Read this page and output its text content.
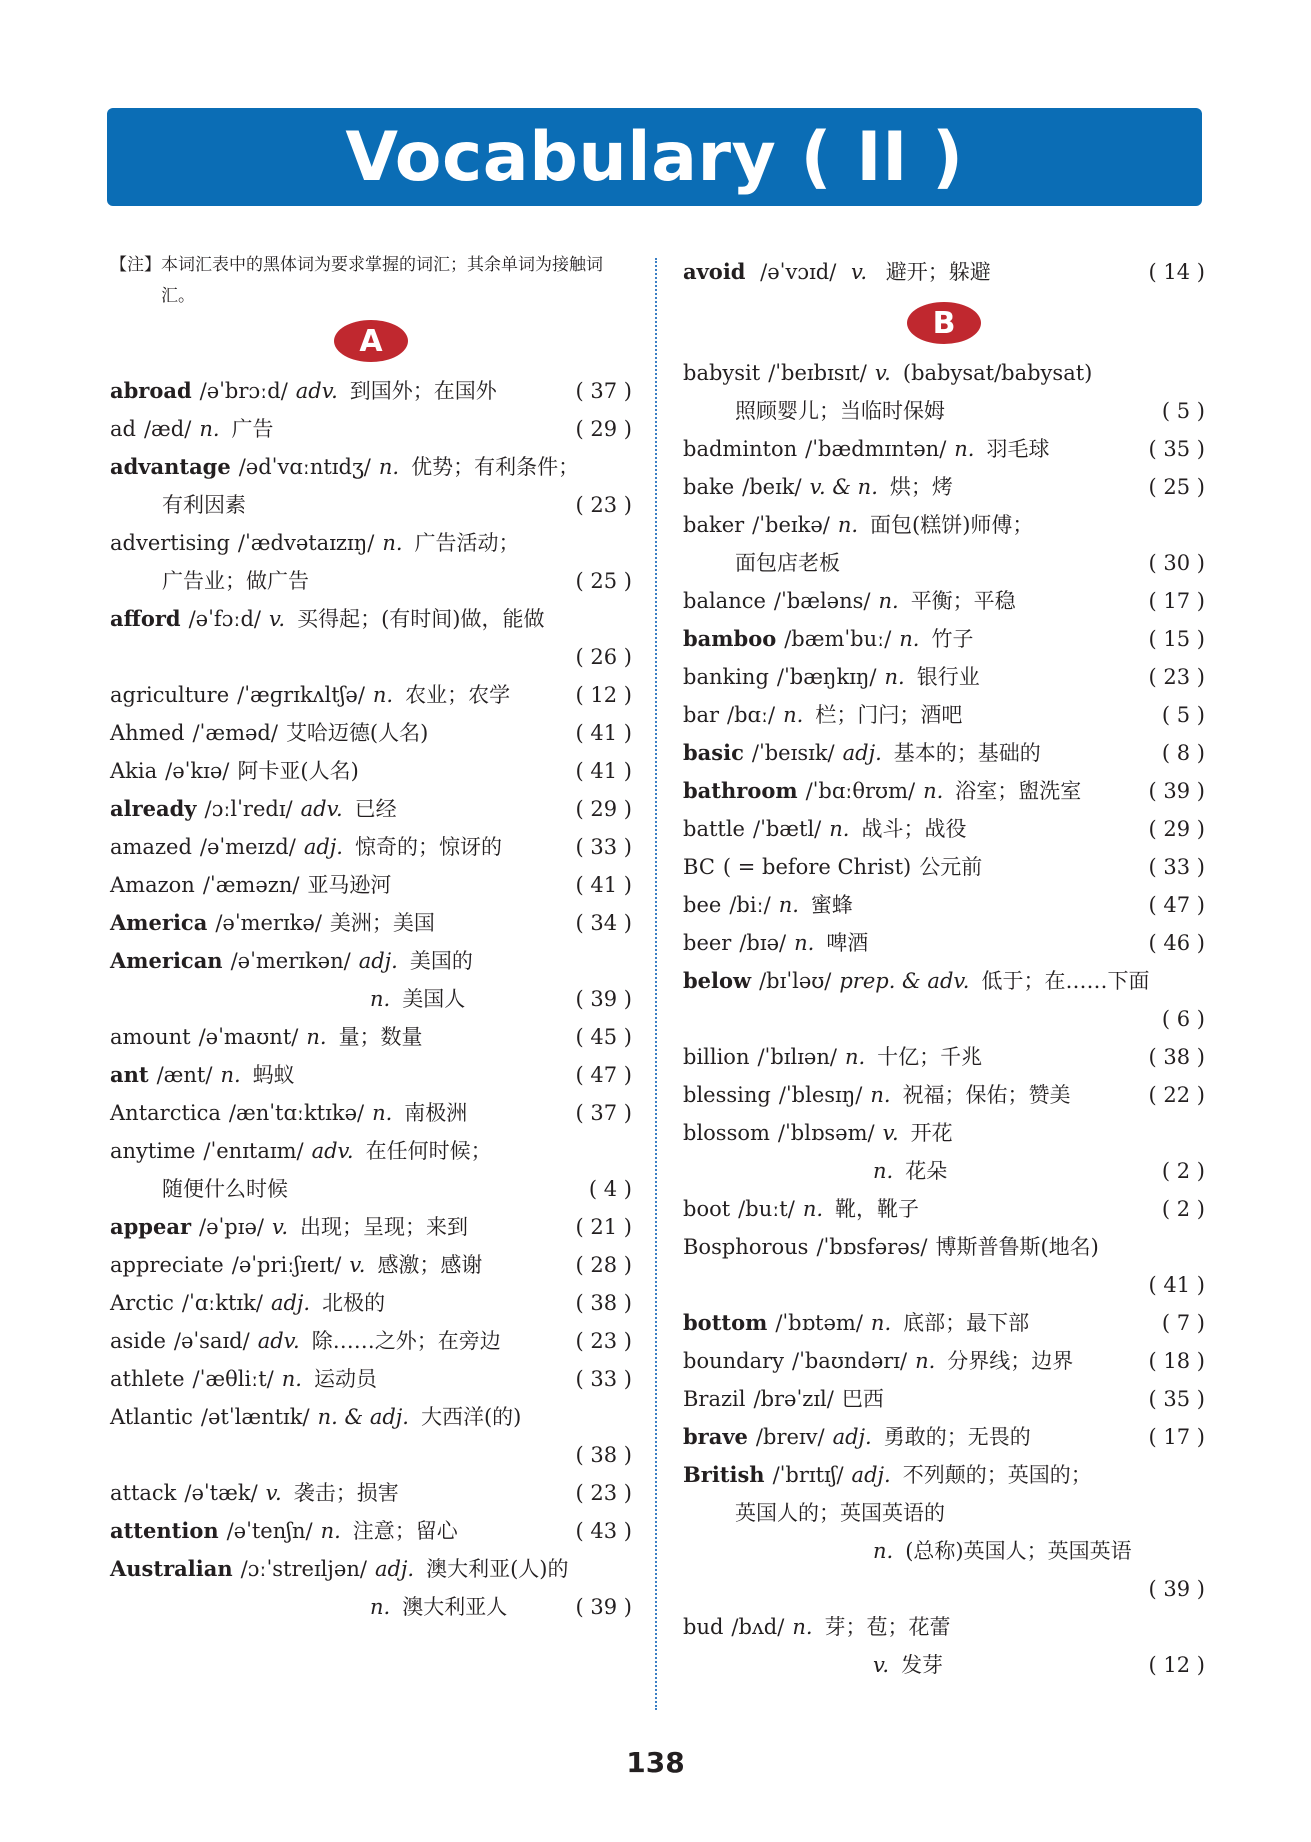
Vocabulary ( II )
【注】 本词汇表中的黑体词为要求掌握的词汇；其余单词为接触词汇。
A
abroad /əˈbrɔːd/ adv. 到国外；在国外	( 37 )
ad /æd/ n. 广告	( 29 )
advantage /ədˈvɑːntɪdʒ/ n. 优势；有利条件；
有利因素	( 23 )
advertising /ˈædvətaɪzɪŋ/ n. 广告活动；
广告业；做广告	( 25 )
afford /əˈfɔːd/ v. 买得起；(有时间)做，能做
( 26 )
agriculture /ˈæɡrɪkʌltʃə/ n. 农业；农学	( 12 )
Ahmed /ˈæməd/ 艾哈迈德(人名)	( 41 )
Akia /əˈkɪə/ 阿卡亚(人名)	( 41 )
already /ɔːlˈredɪ/ adv. 已经	( 29 )
amazed /əˈmeɪzd/ adj. 惊奇的；惊讶的	( 33 )
Amazon /ˈæməzn/ 亚马逊河	( 41 )
America /əˈmerɪkə/ 美洲；美国	( 34 )
American /əˈmerɪkən/ adj. 美国的
n. 美国人	( 39 )
amount /əˈmaʊnt/ n. 量；数量	( 45 )
ant /ænt/ n. 蚂蚁	( 47 )
Antarctica /ænˈtɑːktɪkə/ n. 南极洲	( 37 )
anytime /ˈenɪtaɪm/ adv. 在任何时候；
随便什么时候	( 4 )
appear /əˈpɪə/ v. 出现；呈现；来到	( 21 )
appreciate /əˈpriːʃɪeɪt/ v. 感激；感谢	( 28 )
Arctic /ˈɑːktɪk/ adj. 北极的	( 38 )
aside /əˈsaɪd/ adv. 除……之外；在旁边	( 23 )
athlete /ˈæθliːt/ n. 运动员	( 33 )
Atlantic /ətˈlæntɪk/ n. & adj. 大西洋(的)
( 38 )
attack /əˈtæk/ v. 袭击；损害	( 23 )
attention /əˈtenʃn/ n. 注意；留心	( 43 )
Australian /ɔːˈstreɪljən/ adj. 澳大利亚(人)的
n. 澳大利亚人	( 39 )
avoid /əˈvɔɪd/ v. 避开；躲避	( 14 )
B
babysit /ˈbeɪbɪsɪt/ v. (babysat/babysat)
照顾婴儿；当临时保姆	( 5 )
badminton /ˈbædmɪntən/ n. 羽毛球	( 35 )
bake /beɪk/ v. & n. 烘；烤	( 25 )
baker /ˈbeɪkə/ n. 面包(糕饼)师傅；
面包店老板	( 30 )
balance /ˈbæləns/ n. 平衡；平稳	( 17 )
bamboo /bæmˈbuː/ n. 竹子	( 15 )
banking /ˈbæŋkɪŋ/ n. 银行业	( 23 )
bar /bɑː/ n. 栏；门闩；酒吧	( 5 )
basic /ˈbeɪsɪk/ adj. 基本的；基础的	( 8 )
bathroom /ˈbɑːθrʊm/ n. 浴室；盥洗室	( 39 )
battle /ˈbætl/ n. 战斗；战役	( 29 )
BC ( = before Christ) 公元前	( 33 )
bee /biː/ n. 蜜蜂	( 47 )
beer /bɪə/ n. 啤酒	( 46 )
below /bɪˈləʊ/ prep. & adv. 低于；在……下面
( 6 )
billion /ˈbɪlɪən/ n. 十亿；千兆	( 38 )
blessing /ˈblesɪŋ/ n. 祝福；保佑；赞美	( 22 )
blossom /ˈblɒsəm/ v. 开花
n. 花朵	( 2 )
boot /buːt/ n. 靴，靴子	( 2 )
Bosphorous /ˈbɒsfərəs/ 博斯普鲁斯(地名)
( 41 )
bottom /ˈbɒtəm/ n. 底部；最下部	( 7 )
boundary /ˈbaʊndərɪ/ n. 分界线；边界	( 18 )
Brazil /brəˈzɪl/ 巴西	( 35 )
brave /breɪv/ adj. 勇敢的；无畏的	( 17 )
British /ˈbrɪtɪʃ/ adj. 不列颠的；英国的；
英国人的；英国英语的
n. (总称)英国人；英国英语
( 39 )
bud /bʌd/ n. 芽；苞；花蕾
v. 发芽	( 12 )
138
